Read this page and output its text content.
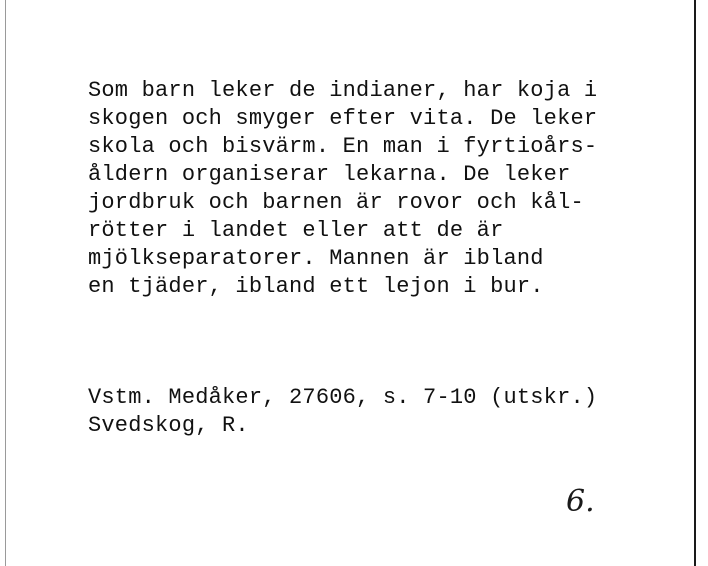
Som barn leker de indianer, har koja i
skogen och smyger efter vita. De leker
skola och bisvärm. En man i fyrtioårs-
åldern organiserar lekarna. De leker
jordbruk och barnen är rovor och kål-
rötter i landet eller att de är
mjölkseparatorer. Mannen är ibland
en tjäder, ibland ett lejon i bur.
Vstm. Medåker, 27606, s. 7-10 (utskr.)
Svedskog, R.
6.
